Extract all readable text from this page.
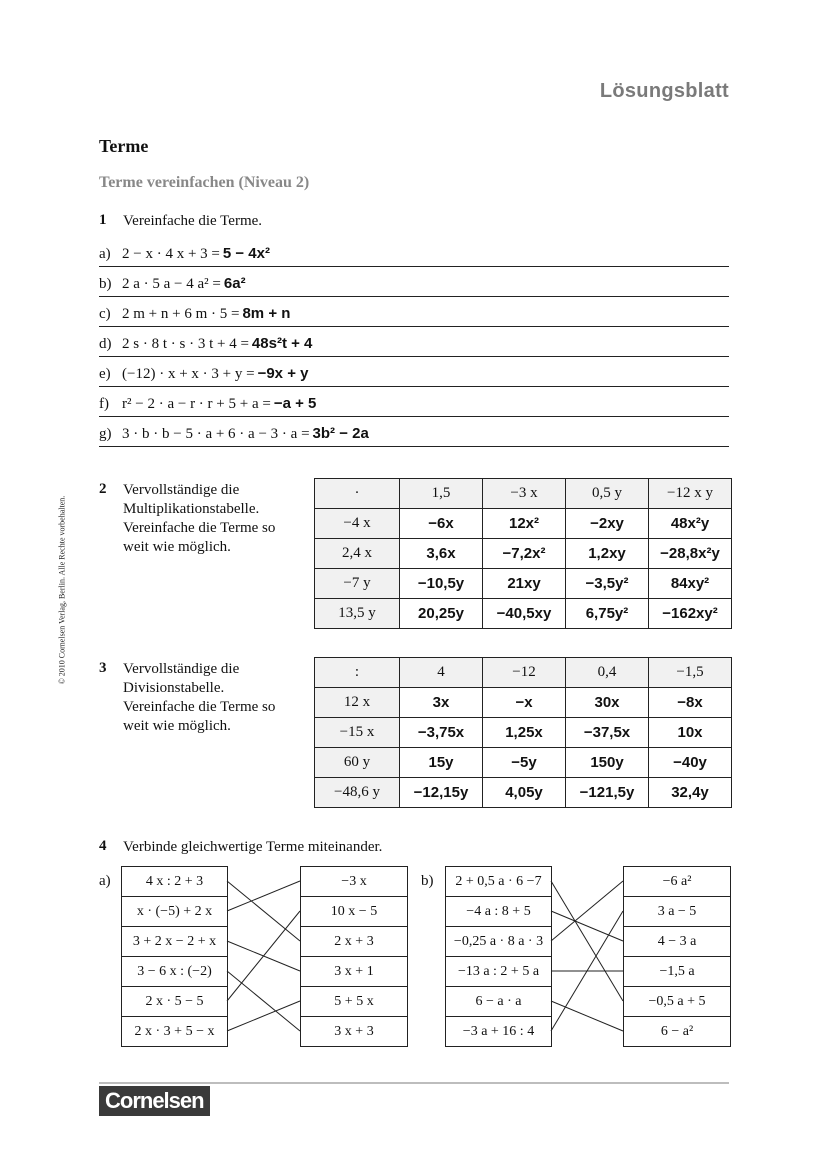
Lösungsblatt
Terme
Terme vereinfachen (Niveau 2)
© 2010 Cornelsen Verlag, Berlin. Alle Rechte vorbehalten.
1 Vereinfache die Terme.
a) 2 − x · 4 x + 3 = 5 − 4x²
b) 2 a · 5 a − 4 a² = 6a²
c) 2 m + n + 6 m · 5 = 8m + n
d) 2 s · 8 t · s · 3 t + 4 = 48s²t + 4
e) (−12) · x + x · 3 + y = −9x + y
f) r² − 2 · a − r · r + 5 + a = −a + 5
g) 3 · b · b − 5 · a + 6 · a − 3 · a = 3b² − 2a
2 Vervollständige die
Multiplikationstabelle.
Vereinfache die Terme so
weit wie möglich.
·	1,5	−3 x	0,5 y	−12 x y
−4 x	−6x	12x²	−2xy	48x²y
2,4 x	3,6x	−7,2x²	1,2xy	−28,8x²y
−7 y	−10,5y	21xy	−3,5y²	84xy²
13,5 y	20,25y	−40,5xy	6,75y²	−162xy²
3 Vervollständige die
Divisionstabelle.
Vereinfache die Terme so
weit wie möglich.
:	4	−12	0,4	−1,5
12 x	3x	−x	30x	−8x
−15 x	−3,75x	1,25x	−37,5x	10x
60 y	15y	−5y	150y	−40y
−48,6 y	−12,15y	4,05y	−121,5y	32,4y
4 Verbinde gleichwertige Terme miteinander.
a)	4 x : 2 + 3
x · (−5) + 2 x
3 + 2 x − 2 + x
3 − 6 x : (−2)
2 x · 5 − 5
2 x · 3 + 5 − x
−3 x
10 x − 5
2 x + 3
3 x + 1
5 + 5 x
3 x + 3
b)	2 + 0,5 a · 6 −7
−4 a : 8 + 5
−0,25 a · 8 a · 3
−13 a : 2 + 5 a
6 − a · a
−3 a + 16 : 4
−6 a²
3 a − 5
4 − 3 a
−1,5 a
−0,5 a + 5
6 − a²
Cornelsen
